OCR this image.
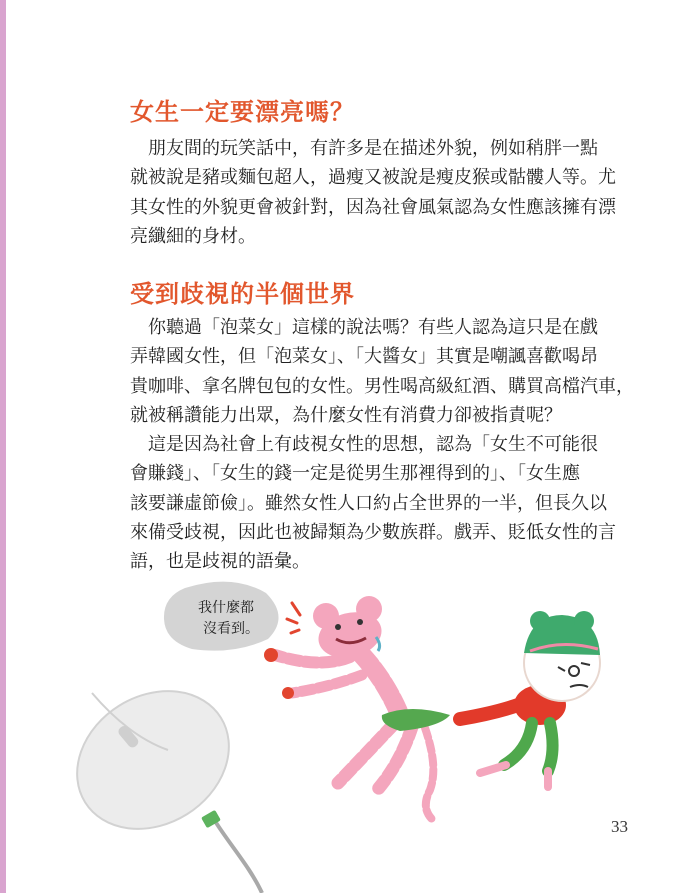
女生一定要漂亮嗎？

　朋友間的玩笑話中，有許多是在描述外貌，例如稍胖一點
就被說是豬或麵包超人，過瘦又被說是瘦皮猴或骷髏人等。尤
其女性的外貌更會被針對，因為社會風氣認為女性應該擁有漂
亮纖細的身材。

受到歧視的半個世界

　你聽過「泡菜女」這樣的說法嗎？有些人認為這只是在戲
弄韓國女性，但「泡菜女」、「大醬女」其實是嘲諷喜歡喝昂
貴咖啡、拿名牌包包的女性。男性喝高級紅酒、購買高檔汽車，
就被稱讚能力出眾，為什麼女性有消費力卻被指責呢？

　這是因為社會上有歧視女性的思想，認為「女生不可能很
會賺錢」、「女生的錢一定是從男生那裡得到的」、「女生應
該要謙虛節儉」。雖然女性人口約占全世界的一半，但長久以
來備受歧視，因此也被歸類為少數族群。戲弄、貶低女性的言
語，也是歧視的語彙。

我什麼都
沒看到。
33
